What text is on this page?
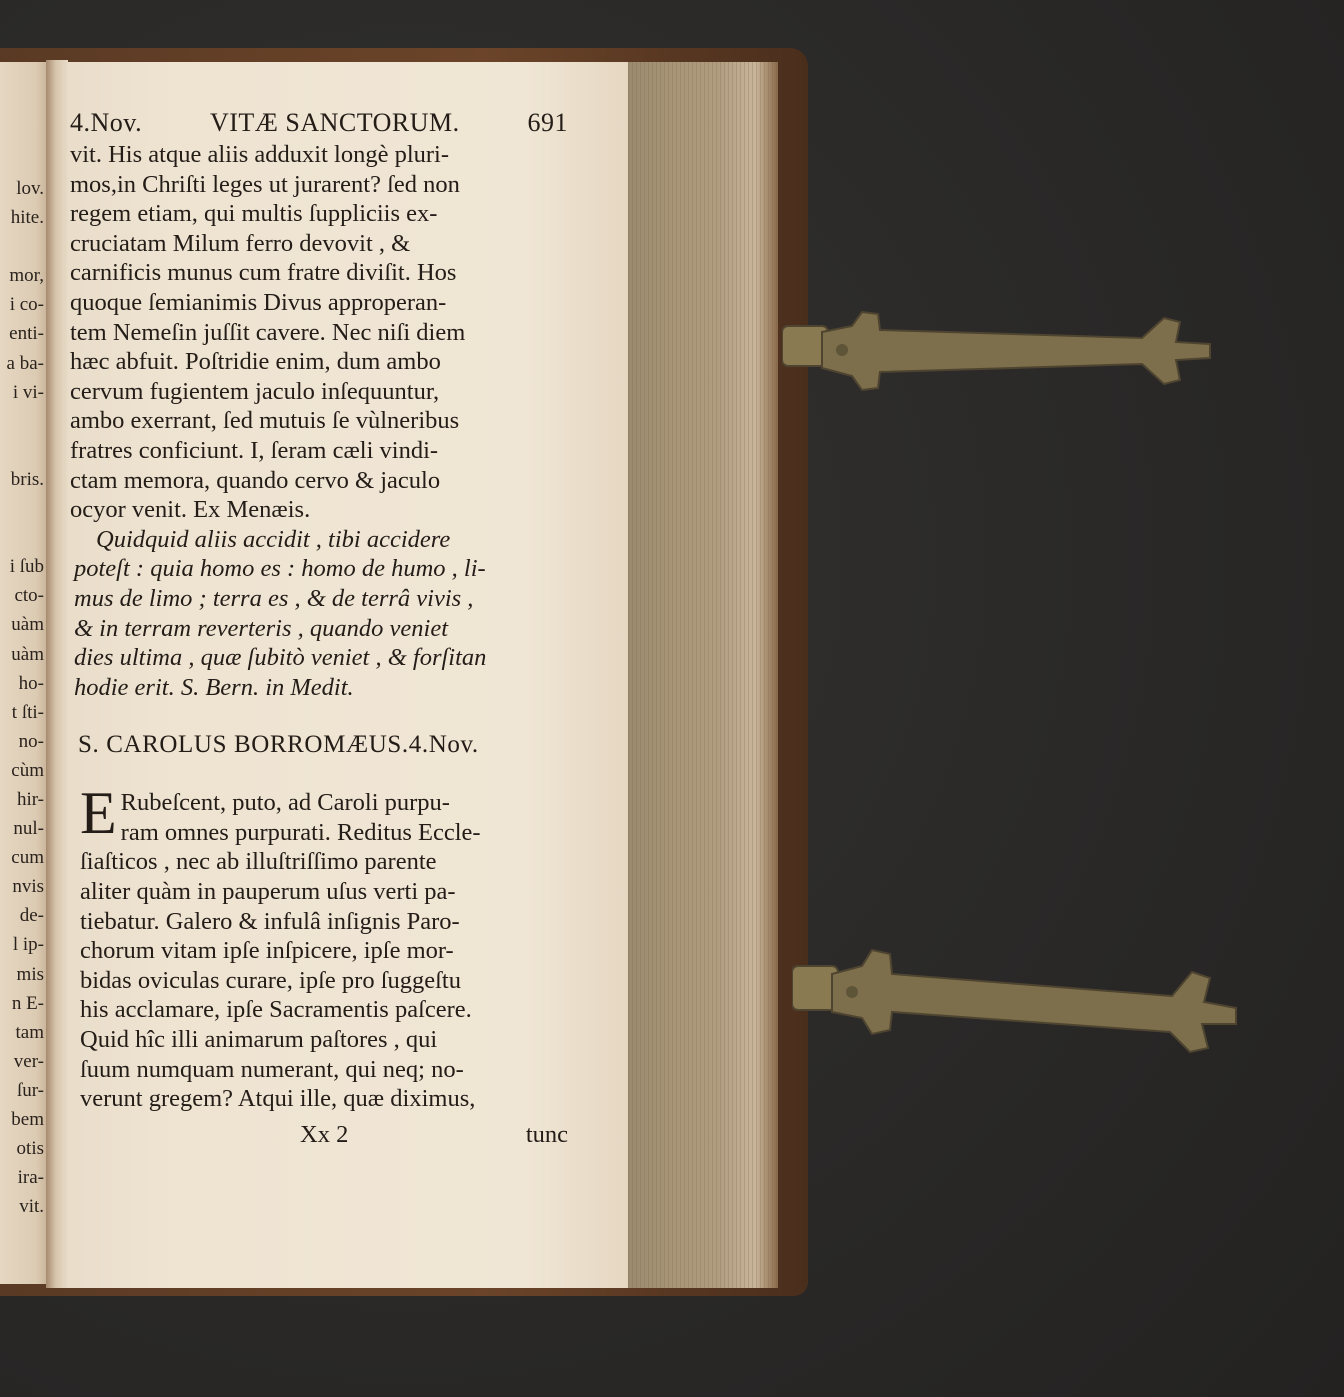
lov.
hite.
mor,
i co-
enti-
a ba-
i vi-
bris.
i ſub
cto-
uàm
uàm
ho-
t ſti-
no-
cùm
hir-
nul-
cum
nvis
de-
l ip-
mis
n E-
tam
ver-
ſur-
bem
otis
ira-
vit.
4.Nov.	VITÆ SANCTORUM.	691
vit. His atque aliis adduxit longè pluri-
mos,in Chriſti leges ut jurarent? ſed non
regem etiam, qui multis ſuppliciis ex-
cruciatam Milum ferro devovit , &
carnificis munus cum fratre diviſit. Hos
quoque ſemianimis Divus approperan-
tem Nemeſin juſſit cavere. Nec niſi diem
hæc abfuit. Poſtridie enim, dum ambo
cervum fugientem jaculo inſequuntur,
ambo exerrant, ſed mutuis ſe vùlneribus
fratres conficiunt. I, ſeram cæli vindi-
ctam memora, quando cervo & jaculo
ocyor venit. Ex Menæis.
Quidquid aliis accidit , tibi accidere
poteſt : quia homo es : homo de humo , li-
mus de limo ; terra es , & de terrâ vivis ,
& in terram reverteris , quando veniet
dies ultima , quæ ſubitò veniet , & forſitan
hodie erit. S. Bern. in Medit.
S. CAROLUS BORROMÆUS.4.Nov.
E Rubeſcent, puto, ad Caroli purpu-
ram omnes purpurati. Reditus Eccle-
ſiaſticos , nec ab illuſtriſſimo parente
aliter quàm in pauperum uſus verti pa-
tiebatur. Galero & infulâ inſignis Paro-
chorum vitam ipſe inſpicere, ipſe mor-
bidas oviculas curare, ipſe pro ſuggeſtu
his acclamare, ipſe Sacramentis paſcere.
Quid hîc illi animarum paſtores , qui
ſuum numquam numerant, qui neq; no-
verunt gregem? Atqui ille, quæ diximus,
Xx 2	tunc
